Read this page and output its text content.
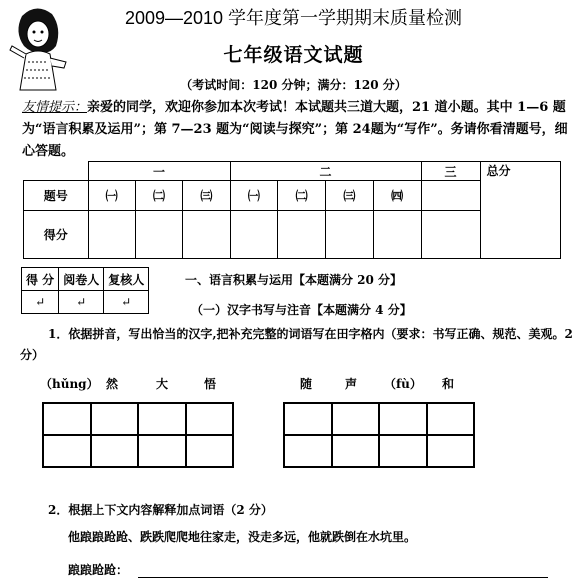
2009—2010 学年度第一学期期末质量检测
七年级语文试题
（考试时间：120 分钟；满分：120 分）
友情提示：亲爱的同学，欢迎你参加本次考试！本试题共三道大题，21 道小题。其中 1—6 题为“语言积累及运用”；第 7—23 题为“阅读与探究”；第 24题为“写作”。务请你看清题号，细心答题。
	一			二				三	总分
题号	㈠	㈡	㈢	㈠	㈡	㈢	㈣		
得分									
得 分	阅卷人	复核人
↵	↵	↵
一、语言积累与运用【本题满分 20 分】
（一）汉字书写与注音【本题满分 4 分】
1．依据拼音，写出恰当的汉字,把补充完整的词语写在田字格内（要求：书写正确、规范、美观。2 分）
（hǔng） 然	大	悟	随	声 （fù） 和
2．根据上下文内容解释加点词语（2 分）
他踉踉跄跄、跌跌爬爬地往家走，没走多远，他就跌倒在水坑里。
踉踉跄跄：
